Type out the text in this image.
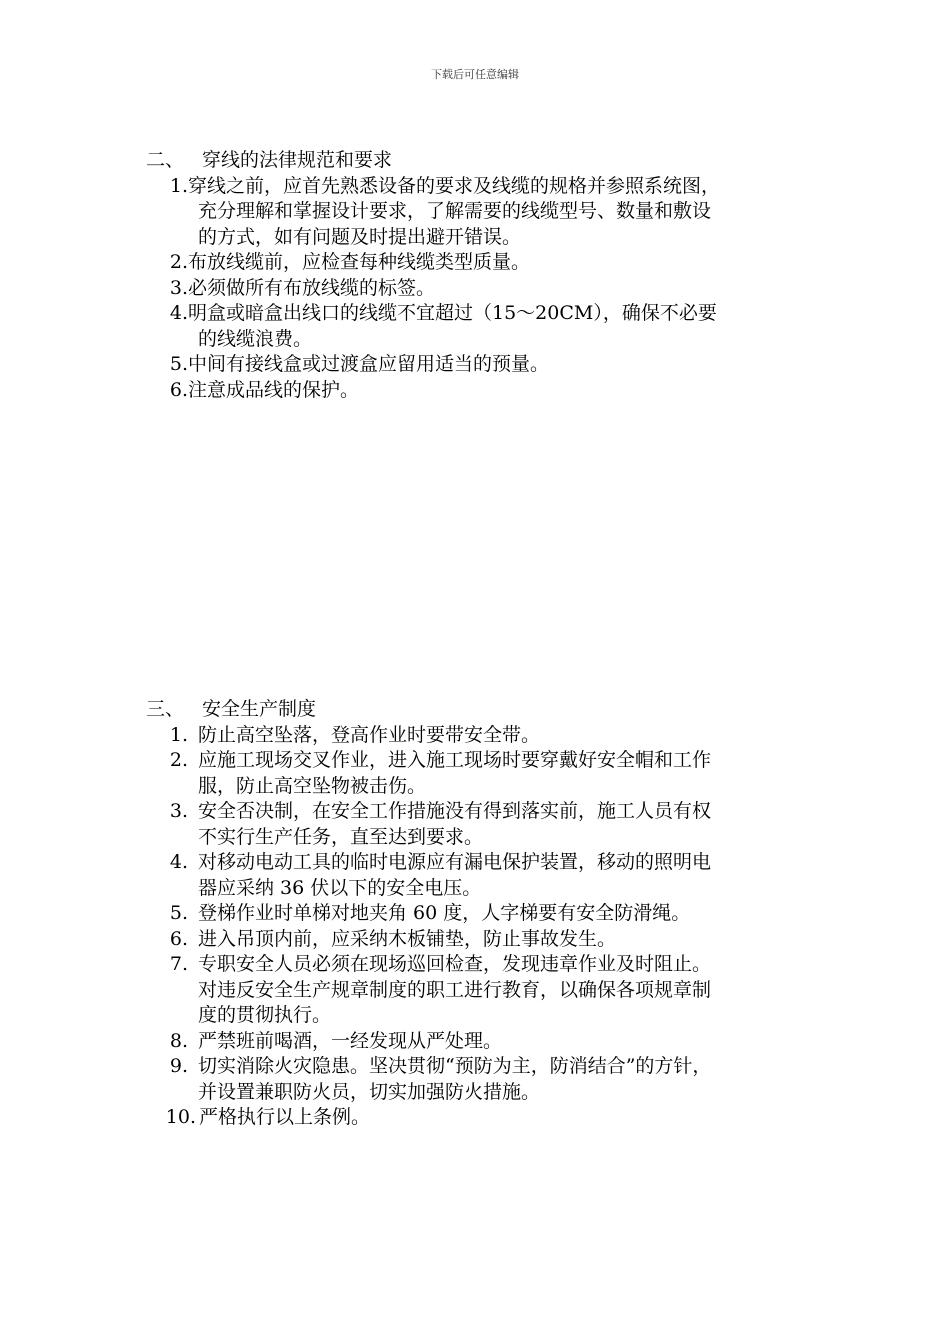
下载后可任意编辑
二、 穿线的法律规范和要求
1. 穿线之前，应首先熟悉设备的要求及线缆的规格并参照系统图，
充分理解和掌握设计要求，了解需要的线缆型号、数量和敷设
的方式，如有问题及时提出避开错误。
2. 布放线缆前，应检查每种线缆类型质量。
3. 必须做所有布放线缆的标签。
4. 明盒或暗盒出线口的线缆不宜超过（15～20CM），确保不必要
的线缆浪费。
5. 中间有接线盒或过渡盒应留用适当的预量。
6. 注意成品线的保护。
三、 安全生产制度
1. 防止高空坠落，登高作业时要带安全带。
2. 应施工现场交叉作业，进入施工现场时要穿戴好安全帽和工作
服，防止高空坠物被击伤。
3. 安全否决制，在安全工作措施没有得到落实前，施工人员有权
不实行生产任务，直至达到要求。
4. 对移动电动工具的临时电源应有漏电保护装置，移动的照明电
器应采纳 36 伏以下的安全电压。
5. 登梯作业时单梯对地夹角 60 度，人字梯要有安全防滑绳。
6. 进入吊顶内前，应采纳木板铺垫，防止事故发生。
7. 专职安全人员必须在现场巡回检查，发现违章作业及时阻止。
对违反安全生产规章制度的职工进行教育，以确保各项规章制
度的贯彻执行。
8. 严禁班前喝酒，一经发现从严处理。
9. 切实消除火灾隐患。坚决贯彻“预防为主，防消结合”的方针，
并设置兼职防火员，切实加强防火措施。
10. 严格执行以上条例。
